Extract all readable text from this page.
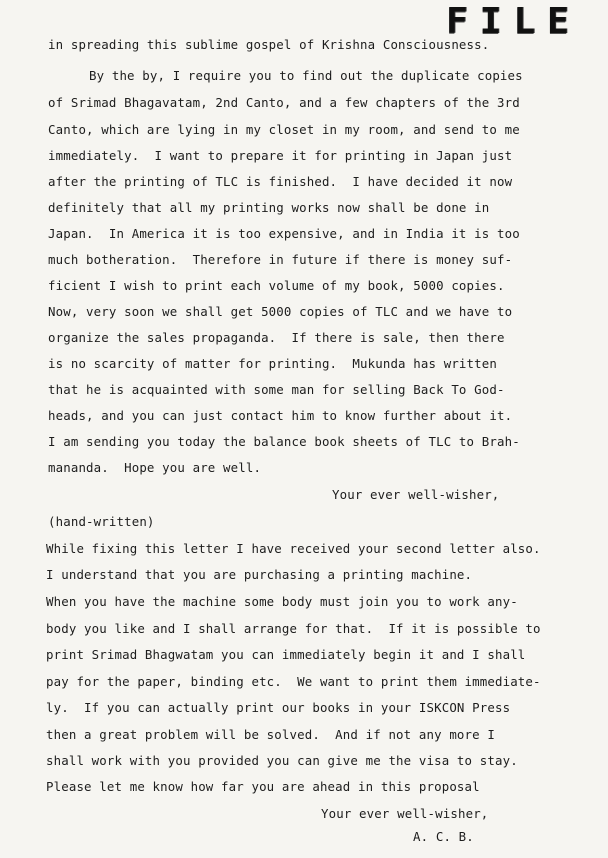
FILE
in spreading this sublime gospel of Krishna Consciousness.
By the by, I require you to find out the duplicate copies
of Srimad Bhagavatam, 2nd Canto, and a few chapters of the 3rd
Canto, which are lying in my closet in my room, and send to me
immediately.  I want to prepare it for printing in Japan just
after the printing of TLC is finished.  I have decided it now
definitely that all my printing works now shall be done in
Japan.  In America it is too expensive, and in India it is too
much botheration.  Therefore in future if there is money suf-
ficient I wish to print each volume of my book, 5000 copies.
Now, very soon we shall get 5000 copies of TLC and we have to
organize the sales propaganda.  If there is sale, then there
is no scarcity of matter for printing.  Mukunda has written
that he is acquainted with some man for selling Back To God-
heads, and you can just contact him to know further about it.
I am sending you today the balance book sheets of TLC to Brah-
mananda.  Hope you are well.
Your ever well-wisher,
(hand-written)
While fixing this letter I have received your second letter also.
I understand that you are purchasing a printing machine.
When you have the machine some body must join you to work any-
body you like and I shall arrange for that.  If it is possible to
print Srimad Bhagwatam you can immediately begin it and I shall
pay for the paper, binding etc.  We want to print them immediate-
ly.  If you can actually print our books in your ISKCON Press
then a great problem will be solved.  And if not any more I
shall work with you provided you can give me the visa to stay.
Please let me know how far you are ahead in this proposal
Your ever well-wisher,
A. C. B.
